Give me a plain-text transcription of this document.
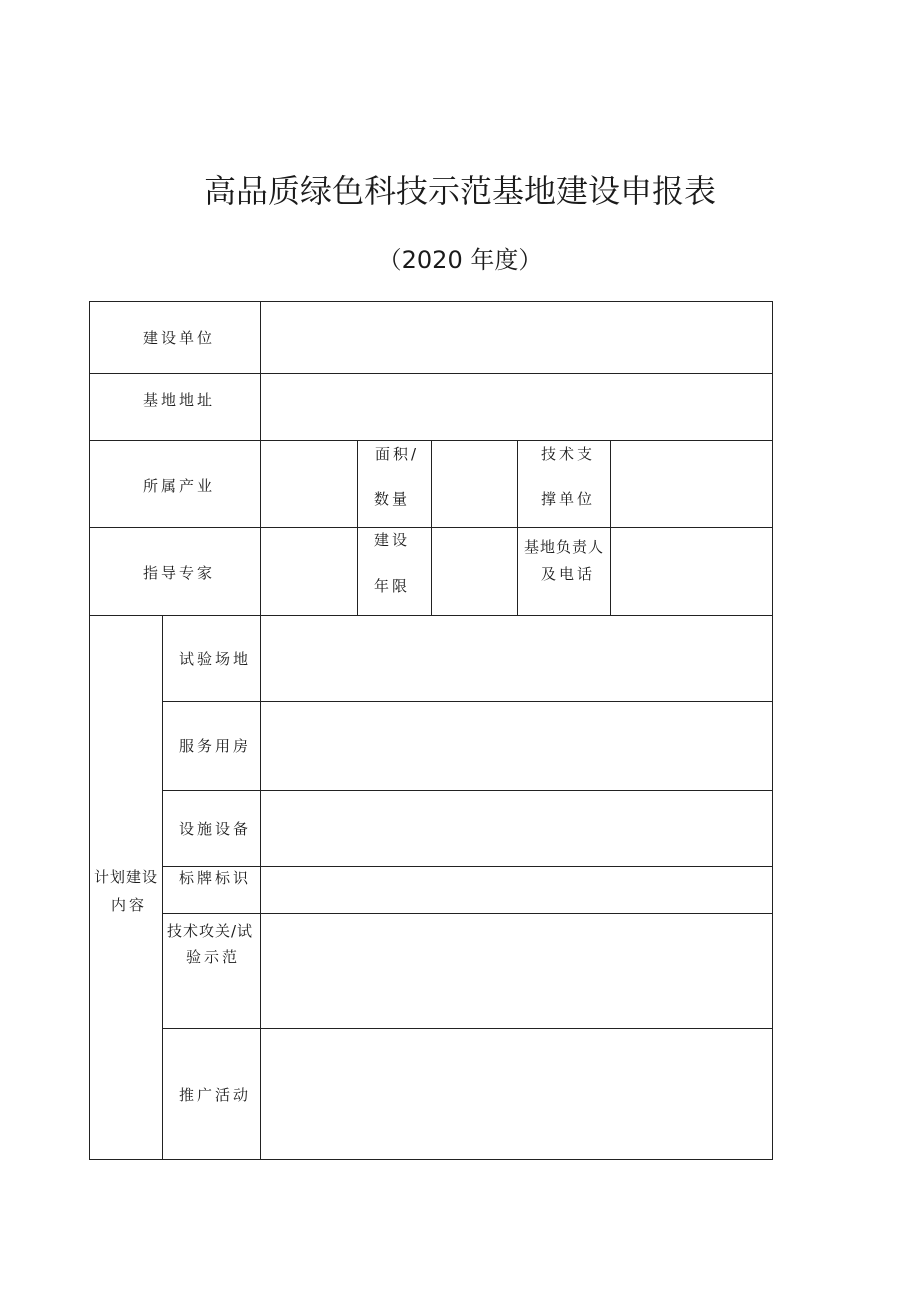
高品质绿色科技示范基地建设申报表
（2020 年度）
建设单位
基地地址
所属产业
面积/
数量
技术支
撑单位
指导专家
建设
年限
基地负责人
及电话
计划建设
内容
试验场地
服务用房
设施设备
标牌标识
技术攻关/试
验示范
推广活动
